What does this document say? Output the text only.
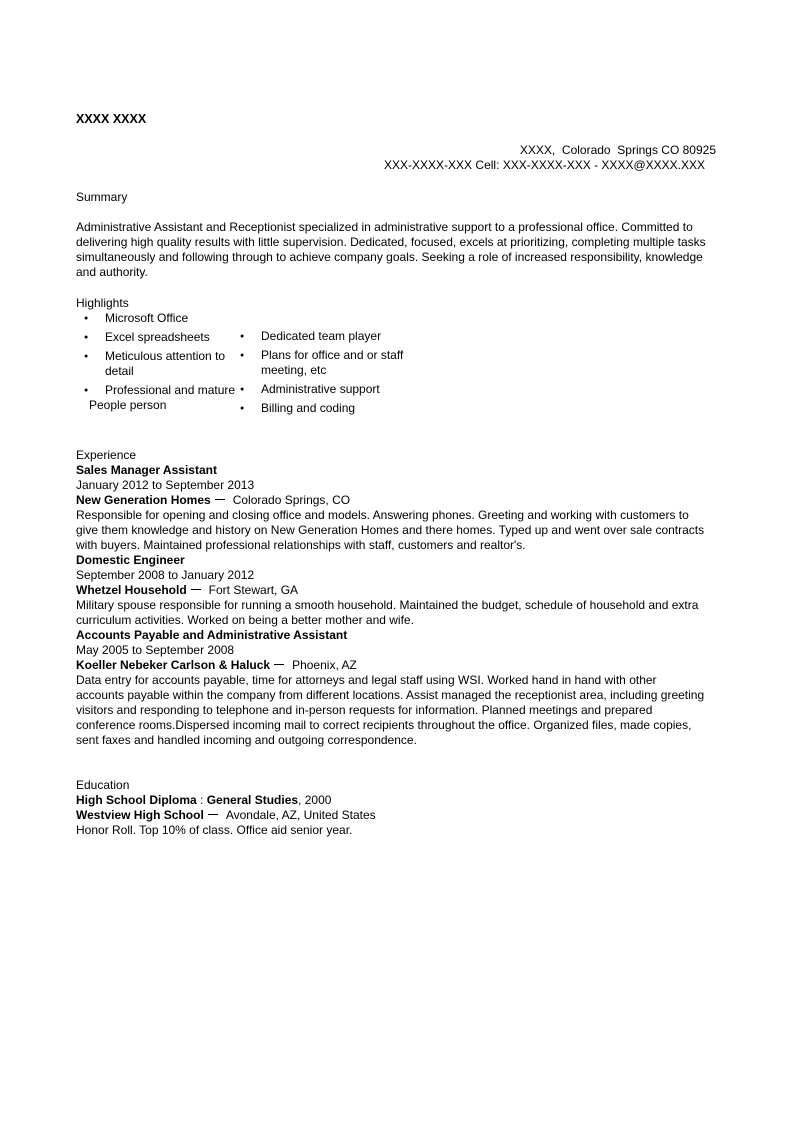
XXXX XXXX
XXXX,  Colorado  Springs CO 80925
XXX-XXXX-XXX Cell: XXX-XXXX-XXX - XXXX@XXXX.XXX

Summary

Administrative Assistant and Receptionist specialized in administrative support to a professional office. Committed to delivering high quality results with little supervision. Dedicated, focused, excels at prioritizing, completing multiple tasks simultaneously and following through to achieve company goals. Seeking a role of increased responsibility, knowledge and authority.

Highlights

● Microsoft Office
● Excel spreadsheets
● Meticulous attention to detail
● Professional and mature
People person
● Dedicated team player
● Plans for office and or staff meeting, etc
● Administrative support
● Billing and coding

Experience

Sales Manager Assistant

January 2012 to September 2013

New Generation Homes Colorado Springs, CO

Responsible for opening and closing office and models. Answering phones. Greeting and working with customers to give them knowledge and history on New Generation Homes and there homes. Typed up and went over sale contracts with buyers. Maintained professional relationships with staff, customers and realtor's.

Domestic Engineer

September 2008 to January 2012

Whetzel Household Fort Stewart, GA

Military spouse responsible for running a smooth household. Maintained the budget, schedule of household and extra curriculum activities. Worked on being a better mother and wife.

Accounts Payable and Administrative Assistant

May 2005 to September 2008

Koeller Nebeker Carlson & Haluck Phoenix, AZ

Data entry for accounts payable, time for attorneys and legal staff using WSI. Worked hand in hand with other accounts payable within the company from different locations. Assist managed the receptionist area, including greeting visitors and responding to telephone and in-person requests for information. Planned meetings and prepared conference rooms.Dispersed incoming mail to correct recipients throughout the office. Organized files, made copies, sent faxes and handled incoming and outgoing correspondence.

Education

High School Diploma : General Studies, 2000

Westview High School Avondale, AZ, United States

Honor Roll. Top 10% of class. Office aid senior year.
